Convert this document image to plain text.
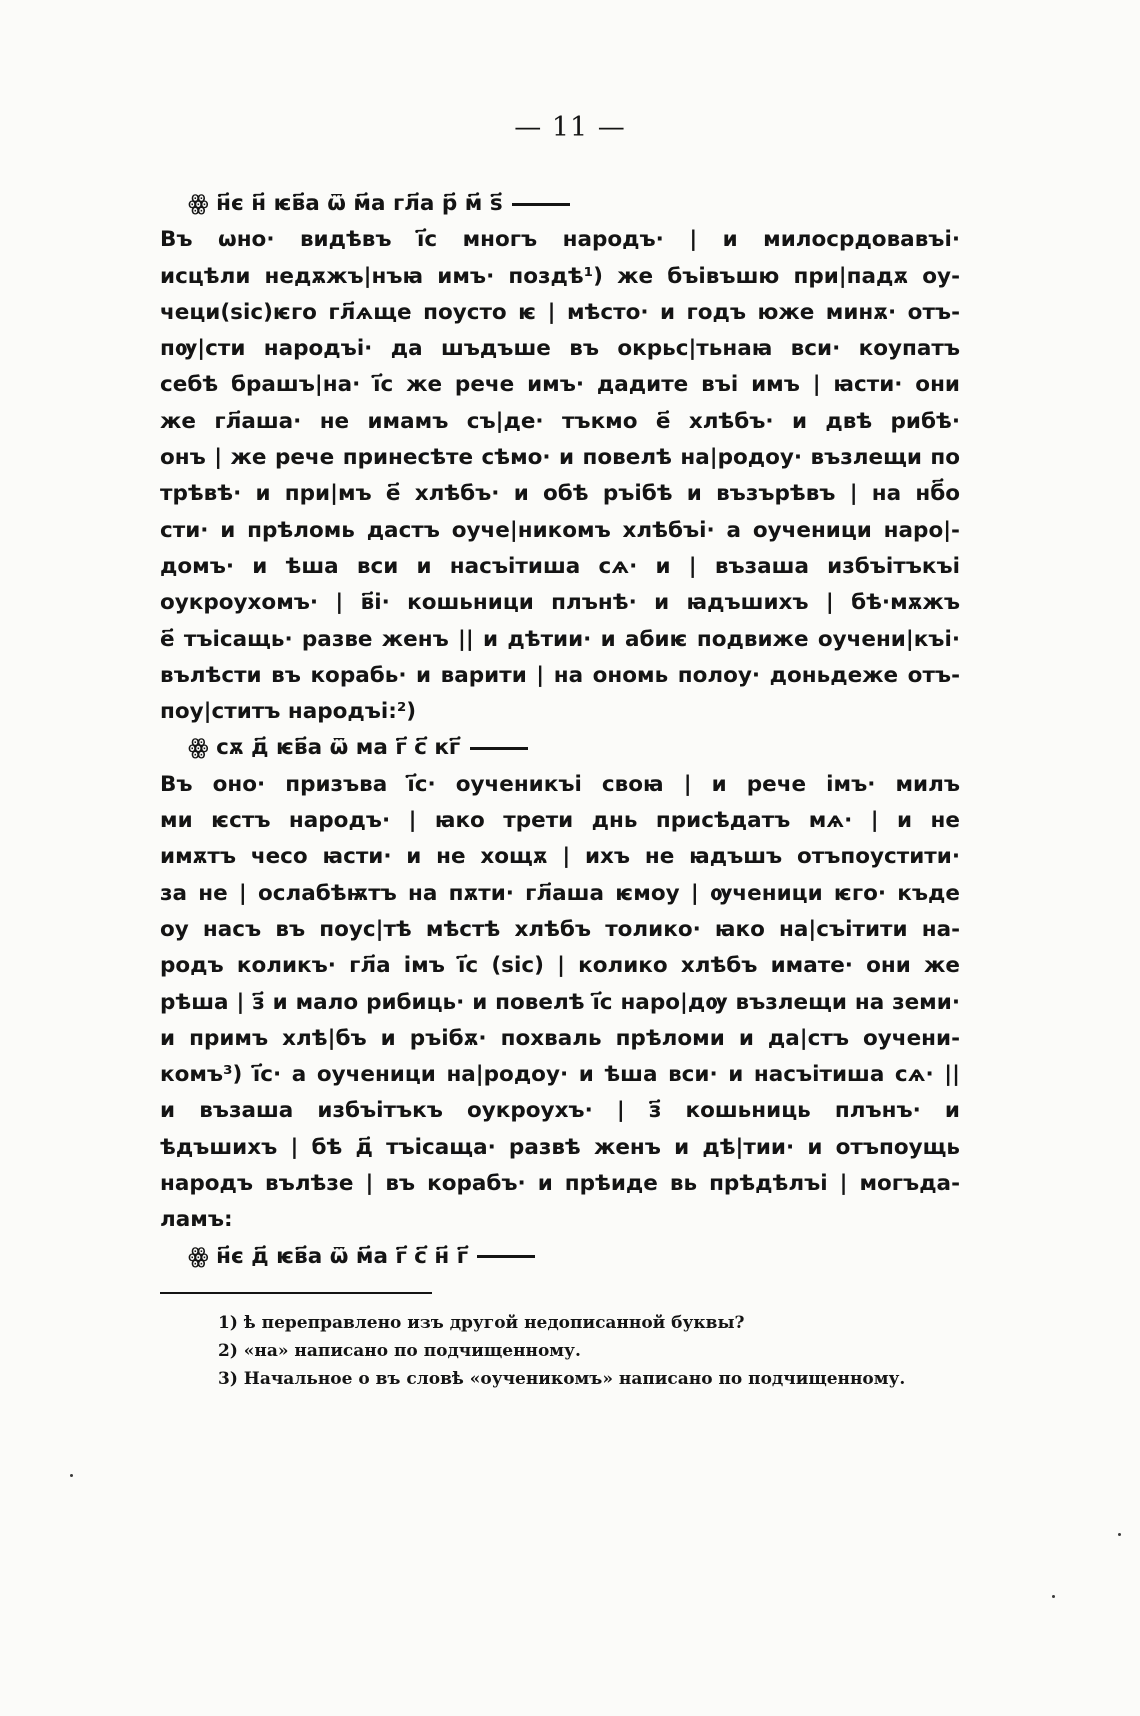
— 11 —
ꙮ н҃є н҃ ѥв҃а ѿ м҃а гл҃а р҃ м҃ ѕ҃
Въ ѡно· видѣвъ і҃с многъ народъ· | и милосрдовавъі·
исцѣли недѫжъ|нъꙗ имъ· поздѣ¹) же бъівъшю при|падѫ оу-
чеци(sic)ѥго гл҃ѧще поусто ѥ | мѣсто· и годъ юже минѫ· отъ-
пѹ|сти народъі· да шъдъше въ окрьс|тьнаꙗ вси· коупатъ
себѣ брашъ|на· і҃с же рече имъ· дадите въі имъ | ꙗсти· они
же гл҃аша· не имамъ съ|де· тъкмо е҃ хлѣбъ· и двѣ рибѣ·
онъ | же рече принесѣте сѣмо· и повелѣ на|родоу· възлещи по
трѣвѣ· и при|мъ е҃ хлѣбъ· и обѣ ръібѣ и възърѣвъ | на нб҃о
сти· и прѣломь дастъ оуче|никомъ хлѣбъі· а оученици наро|-
домъ· и ѣша вси и насъітиша сѧ· и | възаша избъітъкъі
оукроухомъ· | в҃і· кошьници плънѣ· и ꙗдъшихъ | бѣ·мѫжъ
е҃ тъісащь· разве женъ || и дѣтии· и абиѥ подвиже оучени|къі·
вълѣсти въ корабь· и варити | на ономь полоу· доньдеже отъ-
поу|ститъ народъі:²)
ꙮ сѫ д҃ ѥв҃а ѿ ма г҃ с҃ кг҃
Въ оно· призъва і҃с· оученикъі своꙗ | и рече імъ· милъ
ми ѥстъ народъ· | ꙗко трети днь присѣдатъ мѧ· | и не
имѫтъ чесо ꙗсти· и не хощѫ | ихъ не ꙗдъшъ отъпоустити·
за не | ослабѣѭтъ на пѫти· гл҃аша ѥмоу | ѹченици ѥго· къде
оу насъ въ поус|тѣ мѣстѣ хлѣбъ толико· ꙗко на|съітити на-
родъ коликъ· гл҃а імъ і҃с (sic) | колико хлѣбъ имате· они же
рѣша | з҃ и мало рибиць· и повелѣ і҃с наро|дѹ възлещи на земи·
и примъ хлѣ|бъ и ръібѫ· похваль прѣломи и да|стъ оучени-
комъ³) і҃с· а оученици на|родоу· и ѣша вси· и насъітиша сѧ· ||
и възаша избъітъкъ оукроухъ· | з҃ кошьниць плънъ· и
ѣдъшихъ | бѣ д҃ тъісаща· развѣ женъ и дѣ|тии· и отъпоущь
народъ вълѣзе | въ корабъ· и прѣиде вь прѣдѣлъі | могъда-
ламъ:
ꙮ н҃є д҃ ѥв҃а ѿ м҃а г҃ с҃ н҃ г҃
1) ѣ переправлено изъ другой недописанной буквы?
2) «на» написано по подчищенному.
3) Начальное о въ словѣ «оученикомъ» написано по подчищенному.
